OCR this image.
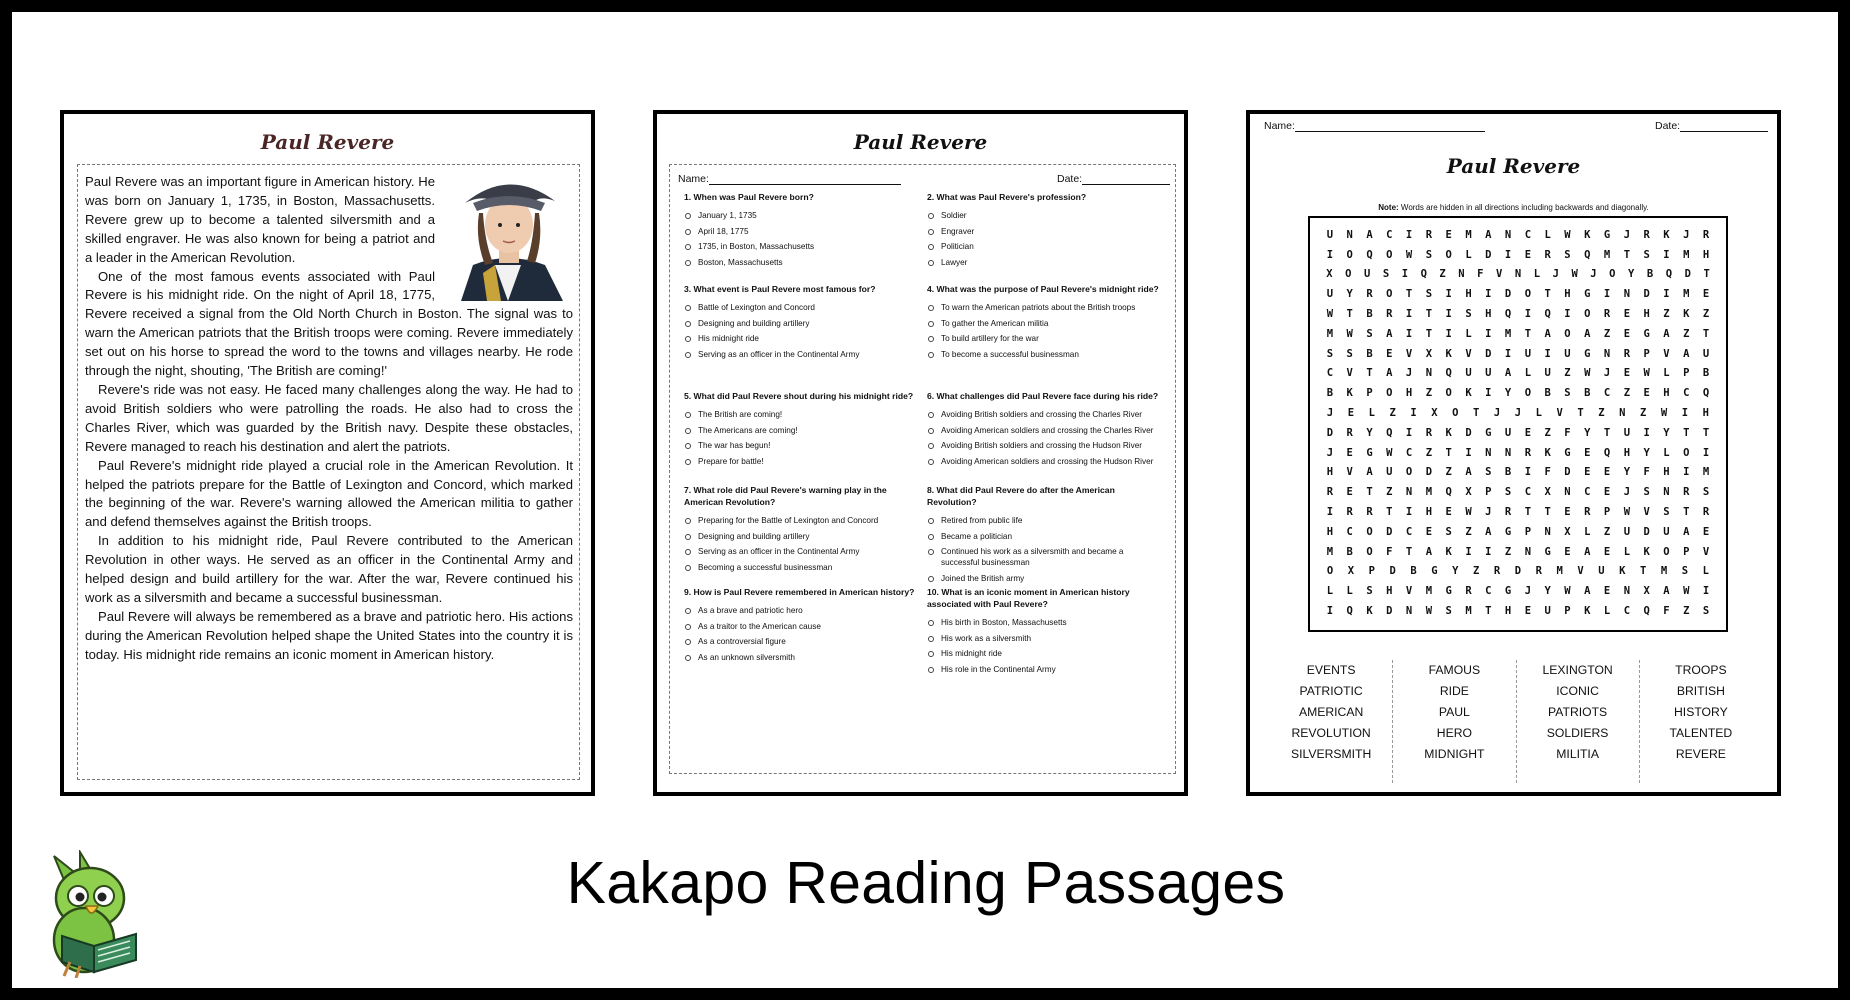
Paul Revere

Paul Revere was an important figure in American history. He was born on January 1, 1735, in Boston, Massachusetts. Revere grew up to become a talented silversmith and a skilled engraver. He was also known for being a patriot and a leader in the American Revolution.

One of the most famous events associated with Paul Revere is his midnight ride. On the night of April 18, 1775, Revere received a signal from the Old North Church in Boston. The signal was to warn the American patriots that the British troops were coming. Revere immediately set out on his horse to spread the word to the towns and villages nearby. He rode through the night, shouting, 'The British are coming!'

Revere's ride was not easy. He faced many challenges along the way. He had to avoid British soldiers who were patrolling the roads. He also had to cross the Charles River, which was guarded by the British navy. Despite these obstacles, Revere managed to reach his destination and alert the patriots.

Paul Revere's midnight ride played a crucial role in the American Revolution. It helped the patriots prepare for the Battle of Lexington and Concord, which marked the beginning of the war. Revere's warning allowed the American militia to gather and defend themselves against the British troops.

In addition to his midnight ride, Paul Revere contributed to the American Revolution in other ways. He served as an officer in the Continental Army and helped design and build artillery for the war. After the war, Revere continued his work as a silversmith and became a successful businessman.

Paul Revere will always be remembered as a brave and patriotic hero. His actions during the American Revolution helped shape the United States into the country it is today. His midnight ride remains an iconic moment in American history.

Paul Revere
Name:	Date:
1. When was Paul Revere born?
January 1, 1735
April 18, 1775
1735, in Boston, Massachusetts
Boston, Massachusetts
3. What event is Paul Revere most famous for?
Battle of Lexington and Concord
Designing and building artillery
His midnight ride
Serving as an officer in the Continental Army
5. What did Paul Revere shout during his midnight ride?
The British are coming!
The Americans are coming!
The war has begun!
Prepare for battle!
7. What role did Paul Revere's warning play in the American Revolution?
Preparing for the Battle of Lexington and Concord
Designing and building artillery
Serving as an officer in the Continental Army
Becoming a successful businessman
9. How is Paul Revere remembered in American history?
As a brave and patriotic hero
As a traitor to the American cause
As a controversial figure
As an unknown silversmith
2. What was Paul Revere's profession?
Soldier
Engraver
Politician
Lawyer
4. What was the purpose of Paul Revere's midnight ride?
To warn the American patriots about the British troops
To gather the American militia
To build artillery for the war
To become a successful businessman
6. What challenges did Paul Revere face during his ride?
Avoiding British soldiers and crossing the Charles River
Avoiding American soldiers and crossing the Charles River
Avoiding British soldiers and crossing the Hudson River
Avoiding American soldiers and crossing the Hudson River
8. What did Paul Revere do after the American Revolution?
Retired from public life
Became a politician
Continued his work as a silversmith and became a successful businessman
Joined the British army
10. What is an iconic moment in American history associated with Paul Revere?
His birth in Boston, Massachusetts
His work as a silversmith
His midnight ride
His role in the Continental Army
Name:	Date:
Paul Revere
Note: Words are hidden in all directions including backwards and diagonally.
U	N	A	C	I	R	E	M	A	N	C	L	W	K	G	J	R	K	J	R
I	O	Q	O	W	S	O	L	D	I	E	R	S	Q	M	T	S	I	M	H
X	O	U	S	I	Q	Z	N	F	V	N	L	J	W	J	O	Y	B	Q	D	T
U	Y	R	O	T	S	I	H	I	D	O	T	H	G	I	N	D	I	M	E
W	T	B	R	I	T	I	S	H	Q	I	Q	I	O	R	E	H	Z	K	Z
M	W	S	A	I	T	I	L	I	M	T	A	O	A	Z	E	G	A	Z	T
S	S	B	E	V	X	K	V	D	I	U	I	U	G	N	R	P	V	A	U
C	V	T	A	J	N	Q	U	U	A	L	U	Z	W	J	E	W	L	P	B
B	K	P	O	H	Z	O	K	I	Y	O	B	S	B	C	Z	E	H	C	Q
J	E	L	Z	I	X	O	T	J	J	L	V	T	Z	N	Z	W	I	H
D	R	Y	Q	I	R	K	D	G	U	E	Z	F	Y	T	U	I	Y	T	T
J	E	G	W	C	Z	T	I	N	N	R	K	G	E	Q	H	Y	L	O	I
H	V	A	U	O	D	Z	A	S	B	I	F	D	E	E	Y	F	H	I	M
R	E	T	Z	N	M	Q	X	P	S	C	X	N	C	E	J	S	N	R	S
I	R	R	T	I	H	E	W	J	R	T	T	E	R	P	W	V	S	T	R
H	C	O	D	C	E	S	Z	A	G	P	N	X	L	Z	U	D	U	A	E
M	B	O	F	T	A	K	I	I	Z	N	G	E	A	E	L	K	O	P	V
O	X	P	D	B	G	Y	Z	R	D	R	M	V	U	K	T	M	S	L
L	L	S	H	V	M	G	R	C	G	J	Y	W	A	E	N	X	A	W	I
I	Q	K	D	N	W	S	M	T	H	E	U	P	K	L	C	Q	F	Z	S
EVENTS
PATRIOTIC
AMERICAN
REVOLUTION
SILVERSMITH
FAMOUS
RIDE
PAUL
HERO
MIDNIGHT
LEXINGTON
ICONIC
PATRIOTS
SOLDIERS
MILITIA
TROOPS
BRITISH
HISTORY
TALENTED
REVERE
Kakapo Reading Passages
